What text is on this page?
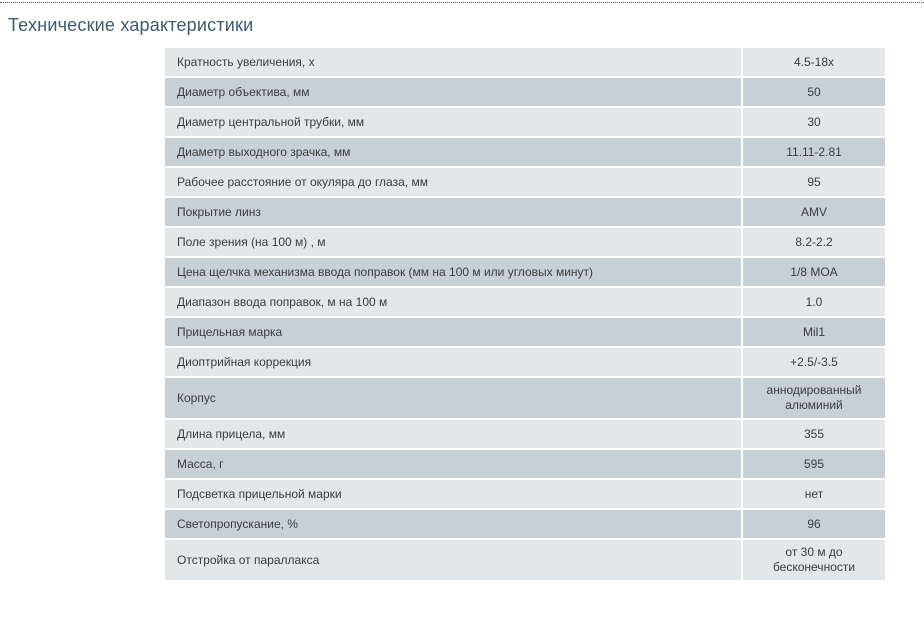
Технические характеристики
Кратность увеличения, x	4.5-18x
Диаметр объектива, мм	50
Диаметр центральной трубки, мм	30
Диаметр выходного зрачка, мм	11.11-2.81
Рабочее расстояние от окуляра до глаза, мм	95
Покрытие линз	AMV
Поле зрения (на 100 м) , м	8.2-2.2
Цена щелчка механизма ввода поправок (мм на 100 м или угловых минут)	1/8 MOA
Диапазон ввода поправок, м на 100 м	1.0
Прицельная марка	Mil1
Диоптрийная коррекция	+2.5/-3.5
Корпус	аннодированный алюминий
Длина прицела, мм	355
Масса, г	595
Подсветка прицельной марки	нет
Светопропускание, %	96
Отстройка от параллакса	от 30 м до бесконечности
